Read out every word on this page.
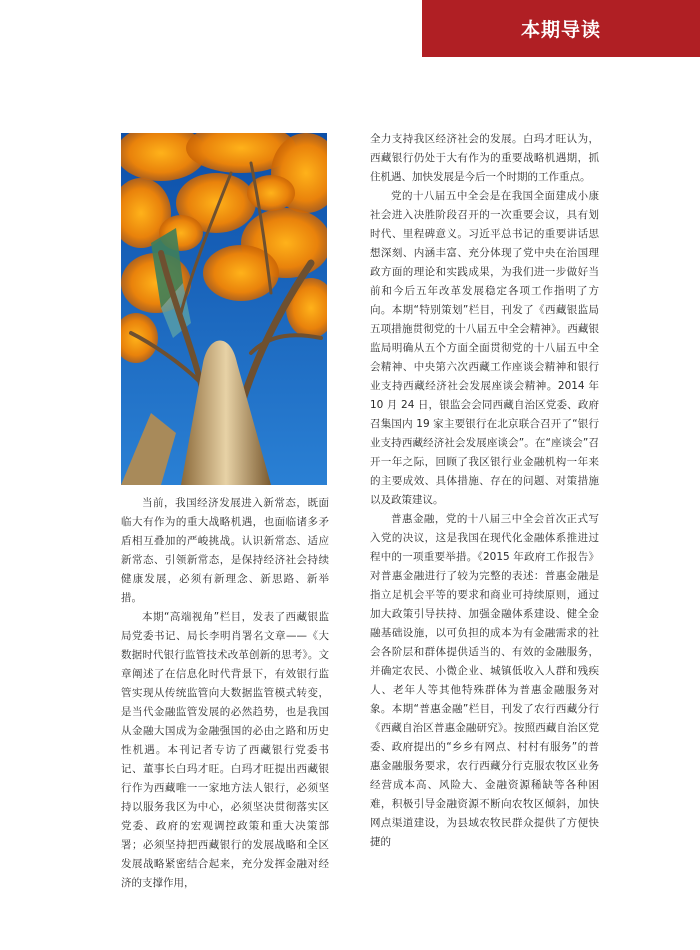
本期导读

当前，我国经济发展进入新常态，既面临大有作为的重大战略机遇，也面临诸多矛盾相互叠加的严峻挑战。认识新常态、适应新常态、引领新常态，是保持经济社会持续健康发展，必须有新理念、新思路、新举措。

本期“高端视角”栏目，发表了西藏银监局党委书记、局长李明肖署名文章——《大数据时代银行监管技术改革创新的思考》。文章阐述了在信息化时代背景下，有效银行监管实现从传统监管向大数据监管模式转变，是当代金融监管发展的必然趋势，也是我国从金融大国成为金融强国的必由之路和历史性机遇。本刊记者专访了西藏银行党委书记、董事长白玛才旺。白玛才旺提出西藏银行作为西藏唯一一家地方法人银行，必须坚持以服务我区为中心，必须坚决贯彻落实区党委、政府的宏观调控政策和重大决策部署；必须坚持把西藏银行的发展战略和全区发展战略紧密结合起来，充分发挥金融对经济的支撑作用，

全力支持我区经济社会的发展。白玛才旺认为，西藏银行仍处于大有作为的重要战略机遇期，抓住机遇、加快发展是今后一个时期的工作重点。

党的十八届五中全会是在我国全面建成小康社会进入决胜阶段召开的一次重要会议，具有划时代、里程碑意义。习近平总书记的重要讲话思想深刻、内涵丰富、充分体现了党中央在治国理政方面的理论和实践成果，为我们进一步做好当前和今后五年改革发展稳定各项工作指明了方向。本期“特别策划”栏目，刊发了《西藏银监局五项措施贯彻党的十八届五中全会精神》。西藏银监局明确从五个方面全面贯彻党的十八届五中全会精神、中央第六次西藏工作座谈会精神和银行业支持西藏经济社会发展座谈会精神。2014 年 10 月 24 日，银监会会同西藏自治区党委、政府召集国内 19 家主要银行在北京联合召开了“银行业支持西藏经济社会发展座谈会”。在“座谈会”召开一年之际，回顾了我区银行业金融机构一年来的主要成效、具体措施、存在的问题、对策措施以及政策建议。

普惠金融，党的十八届三中全会首次正式写入党的决议，这是我国在现代化金融体系推进过程中的一项重要举措。《2015 年政府工作报告》对普惠金融进行了较为完整的表述：普惠金融是指立足机会平等的要求和商业可持续原则，通过加大政策引导扶持、加强金融体系建设、健全金融基础设施，以可负担的成本为有金融需求的社会各阶层和群体提供适当的、有效的金融服务，并确定农民、小微企业、城镇低收入人群和残疾人、老年人等其他特殊群体为普惠金融服务对象。本期“普惠金融”栏目，刊发了农行西藏分行《西藏自治区普惠金融研究》。按照西藏自治区党委、政府提出的“乡乡有网点、村村有服务”的普惠金融服务要求，农行西藏分行克服农牧区业务经营成本高、风险大、金融资源稀缺等各种困难，积极引导金融资源不断向农牧区倾斜，加快网点渠道建设，为县域农牧民群众提供了方便快捷的
